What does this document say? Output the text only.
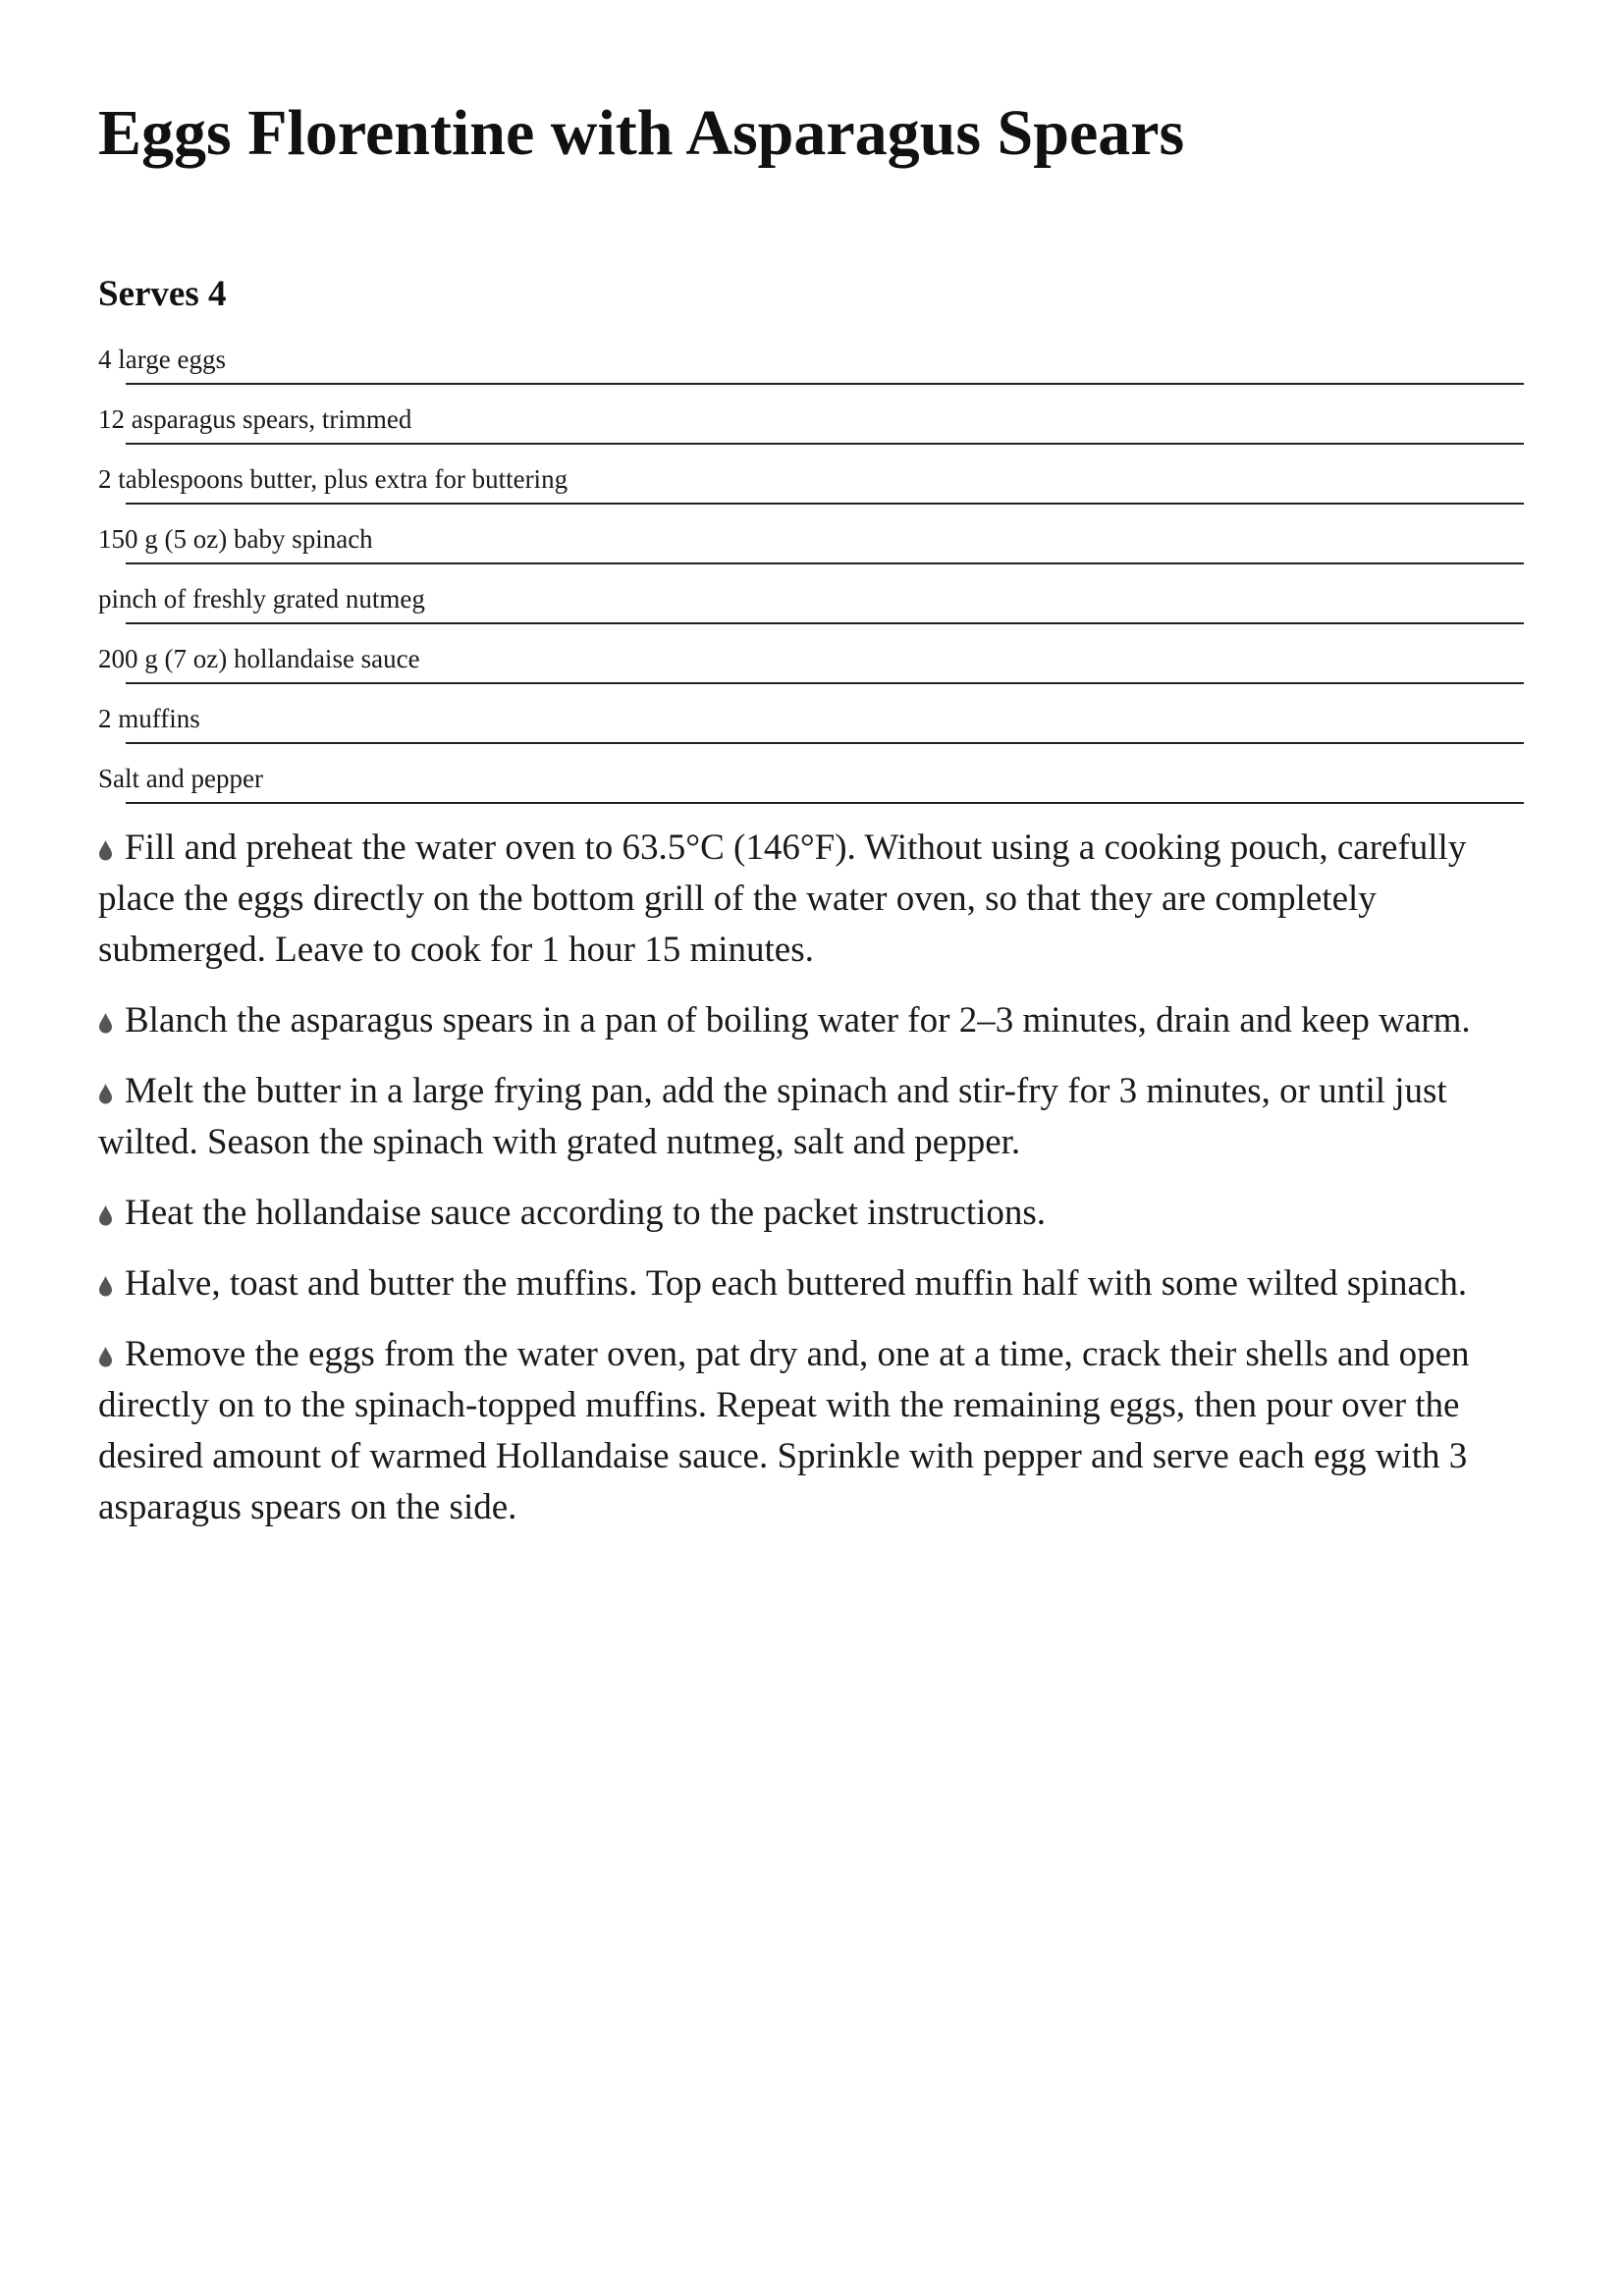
Eggs Florentine with Asparagus Spears
Serves 4
4 large eggs
12 asparagus spears, trimmed
2 tablespoons butter, plus extra for buttering
150 g (5 oz) baby spinach
pinch of freshly grated nutmeg
200 g (7 oz) hollandaise sauce
2 muffins
Salt and pepper

Fill and preheat the water oven to 63.5°C (146°F). Without using a cooking pouch, carefully place the eggs directly on the bottom grill of the water oven, so that they are completely submerged. Leave to cook for 1 hour 15 minutes.

Blanch the asparagus spears in a pan of boiling water for 2–3 minutes, drain and keep warm.

Melt the butter in a large frying pan, add the spinach and stir-fry for 3 minutes, or until just wilted. Season the spinach with grated nutmeg, salt and pepper.

Heat the hollandaise sauce according to the packet instructions.

Halve, toast and butter the muffins. Top each buttered muffin half with some wilted spinach.

Remove the eggs from the water oven, pat dry and, one at a time, crack their shells and open directly on to the spinach-topped muffins. Repeat with the remaining eggs, then pour over the desired amount of warmed Hollandaise sauce. Sprinkle with pepper and serve each egg with 3 asparagus spears on the side.
